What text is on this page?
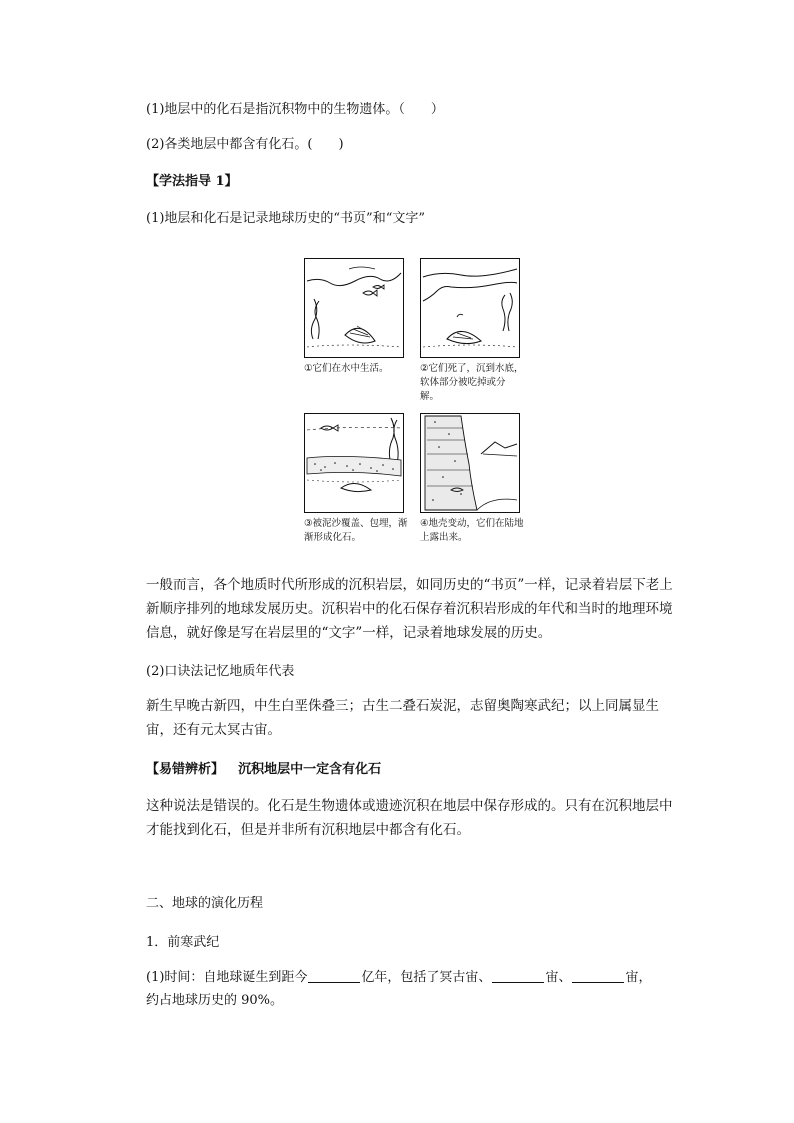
(1)地层中的化石是指沉积物中的生物遗体。（　　）
(2)各类地层中都含有化石。(　　)
【学法指导 1】
(1)地层和化石是记录地球历史的“书页”和“文字”
①它们在水中生活。	②它们死了，沉到水底，软体部分被吃掉或分解。
③被泥沙覆盖、包埋，渐渐形成化石。
④地壳变动，它们在陆地上露出来。
一般而言，各个地质时代所形成的沉积岩层，如同历史的“书页”一样，记录着岩层下老上新顺序排列的地球发展历史。沉积岩中的化石保存着沉积岩形成的年代和当时的地理环境信息，就好像是写在岩层里的“文字”一样，记录着地球发展的历史。
(2)口诀法记忆地质年代表
新生早晚古新四，中生白垩侏叠三；古生二叠石炭泥，志留奥陶寒武纪；以上同属显生宙，还有元太冥古宙。
【易错辨析】 沉积地层中一定含有化石
这种说法是错误的。化石是生物遗体或遗迹沉积在地层中保存形成的。只有在沉积地层中才能找到化石，但是并非所有沉积地层中都含有化石。
二、地球的演化历程
1．前寒武纪
(1)时间：自地球诞生到距今	亿年，包括了冥古宙、	宙、	宙，
约占地球历史的 90%。
